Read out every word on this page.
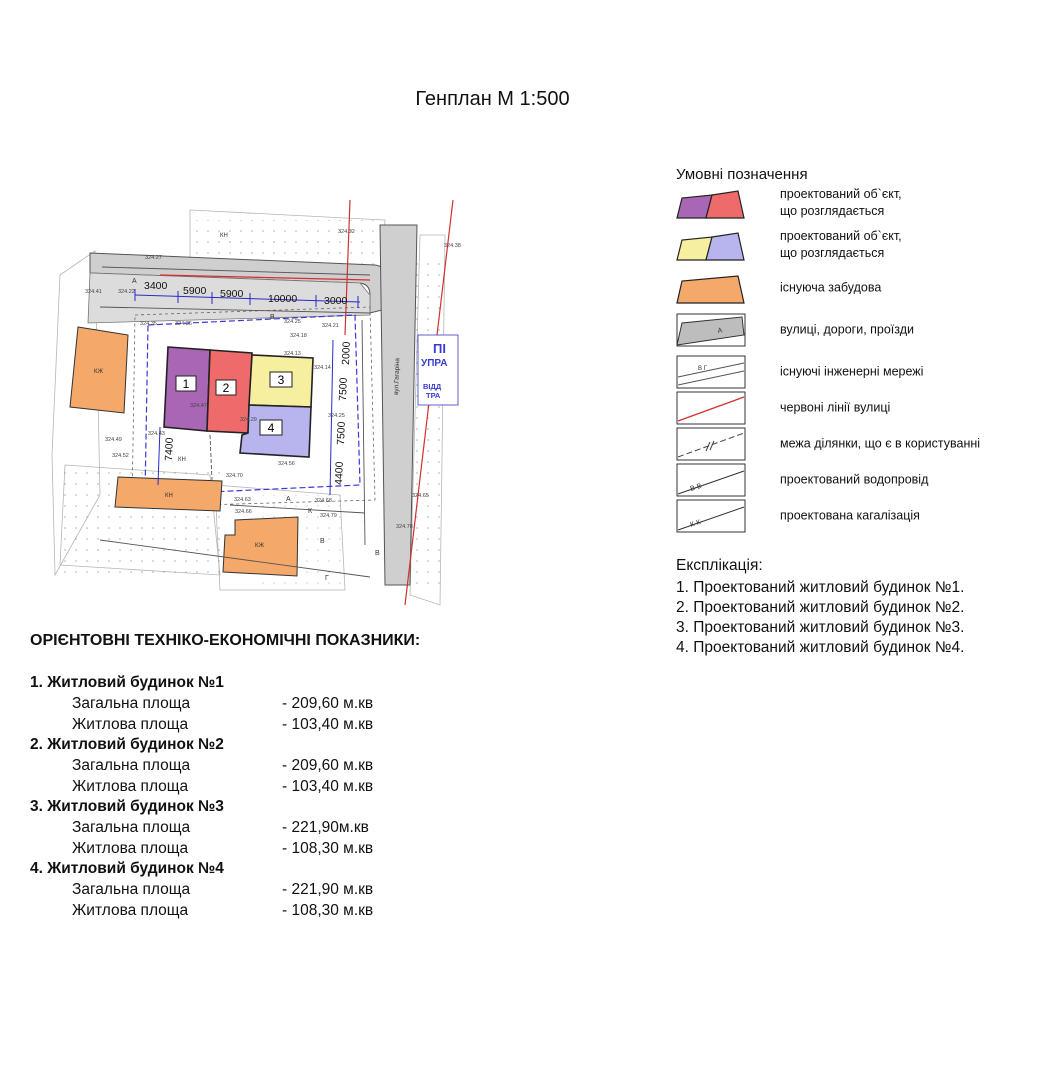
Генплан М 1:500
КЖ
КН
КЖ
КН
КН
1	2
3
4
3400 5900 5900 10000	3000
2000
7500
7500
4400
7400
А
А
В
В
В
Г
К
вул.Гагаріна
324.27
324.32
324.38
324.22
324.41
324.35	324.36	324.25
324.21
324.18
324.13
324.14
324.47
324.29
324.25
324.49
324.43
324.52
324.56
324.70
324.63
324.66
324.68
324.79
324.65
324.78
ПІ
УПРА
ВІДД
ТРА
Умовні позначення
проектований об`єкт,
що розглядається
проектований об`єкт,
що розглядається
існуюча забудова
А	вулиці, дороги, проїзди
В Г	існуючі інженерні мережі
червоні лінії вулиці
межа ділянки, що є в користуванні
В-В-
проектований водопровід
К-К-
проектована кагалізація
Експлікація:
1. Проектований житловий будинок №1.
2. Проектований житловий будинок №2.
3. Проектований житловий будинок №3.
4. Проектований житловий будинок №4.
ОРІЄНТОВНІ ТЕХНІКО-ЕКОНОМІЧНІ ПОКАЗНИКИ:
1. Житловий будинок №1
Загальна площа	- 209,60 м.кв
Житлова площа	- 103,40 м.кв
2. Житловий будинок №2
Загальна площа	- 209,60 м.кв
Житлова площа	- 103,40 м.кв
3. Житловий будинок №3
Загальна площа	- 221,90м.кв
Житлова площа	- 108,30 м.кв
4. Житловий будинок №4
Загальна площа	- 221,90 м.кв
Житлова площа	- 108,30 м.кв
